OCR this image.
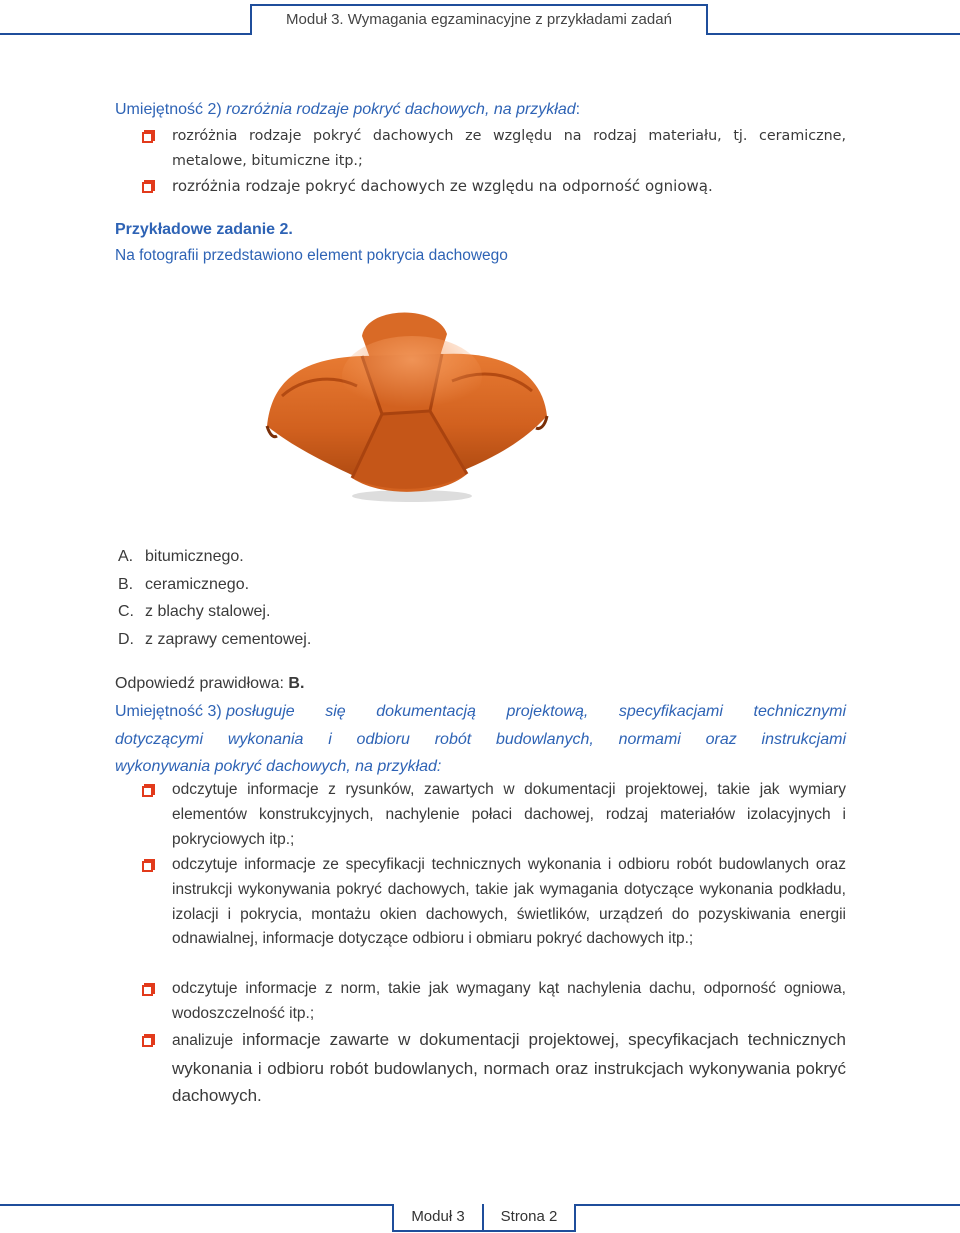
Moduł 3. Wymagania egzaminacyjne z przykładami zadań
Umiejętność 2) rozróżnia rodzaje pokryć dachowych, na przykład:
rozróżnia rodzaje pokryć dachowych ze względu na rodzaj materiału, tj. ceramiczne, metalowe, bitumiczne itp.;
rozróżnia rodzaje pokryć dachowych ze względu na odporność ogniową.
Przykładowe zadanie 2.
Na fotografii przedstawiono element pokrycia dachowego
A. bitumicznego.
B. ceramicznego.
C. z blachy stalowej.
D. z zaprawy cementowej.
Odpowiedź prawidłowa: B.
Umiejętność 3) posługuje się dokumentacją projektową, specyfikacjami technicznymi
dotyczącymi wykonania i odbioru robót budowlanych, normami oraz instrukcjami
wykonywania pokryć dachowych, na przykład:
odczytuje informacje z rysunków, zawartych w dokumentacji projektowej, takie jak wymiary elementów konstrukcyjnych, nachylenie połaci dachowej, rodzaj materiałów izolacyjnych i pokryciowych itp.;
odczytuje informacje ze specyfikacji technicznych wykonania i odbioru robót budowlanych oraz instrukcji wykonywania pokryć dachowych, takie jak wymagania dotyczące wykonania podkładu, izolacji i pokrycia, montażu okien dachowych, świetlików, urządzeń do pozyskiwania energii odnawialnej, informacje dotyczące odbioru i obmiaru pokryć dachowych itp.;
odczytuje informacje z norm, takie jak wymagany kąt nachylenia dachu, odporność ogniowa, wodoszczelność itp.;
analizuje informacje zawarte w dokumentacji projektowej, specyfikacjach technicznych wykonania i odbioru robót budowlanych, normach oraz instrukcjach wykonywania pokryć dachowych.
Moduł 3	Strona 2
